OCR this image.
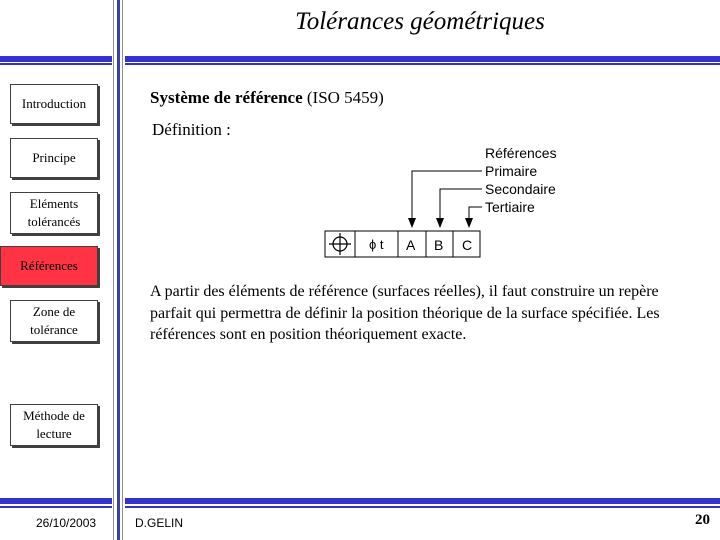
Tolérances géométriques
Introduction
Principe
Eléments tolérancés
Références
Zone de tolérance
Méthode de lecture
Système de référence (ISO 5459)
Définition :
Références
Primaire
Secondaire
Tertiaire
ϕ t A B C
A partir des éléments de référence (surfaces réelles), il faut construire un repère parfait qui permettra de définir la position théorique de la surface spécifiée. Les références sont en position théoriquement exacte.
26/10/2003	D.GELIN	20
